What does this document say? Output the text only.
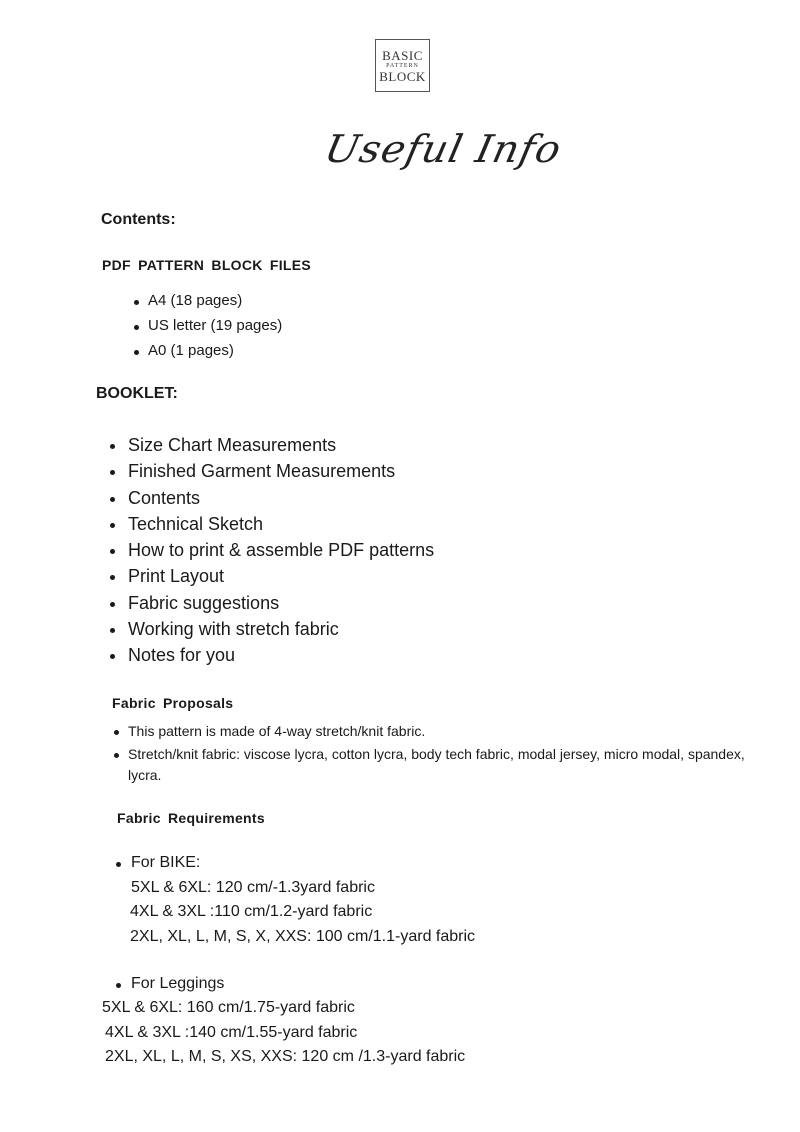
BASIC
PATTERN
BLOCK
Useful Info
Contents:
PDF PATTERN BLOCK FILES
A4 (18 pages)
US letter (19 pages)
A0 (1 pages)
BOOKLET:
Size Chart Measurements
Finished Garment Measurements
Contents
Technical Sketch
How to print & assemble PDF patterns
Print Layout
Fabric suggestions
Working with stretch fabric
Notes for you
Fabric Proposals
This pattern is made of 4-way stretch/knit fabric.
Stretch/knit fabric: viscose lycra, cotton lycra, body tech fabric, modal jersey, micro modal, spandex, lycra.
Fabric Requirements
For BIKE:
5XL & 6XL: 120 cm/-1.3yard fabric
4XL & 3XL :110 cm/1.2-yard fabric
2XL, XL, L, M, S, X, XXS: 100 cm/1.1-yard fabric
For Leggings
5XL & 6XL: 160 cm/1.75-yard fabric
4XL & 3XL :140 cm/1.55-yard fabric
2XL, XL, L, M, S, XS, XXS: 120 cm /1.3-yard fabric
